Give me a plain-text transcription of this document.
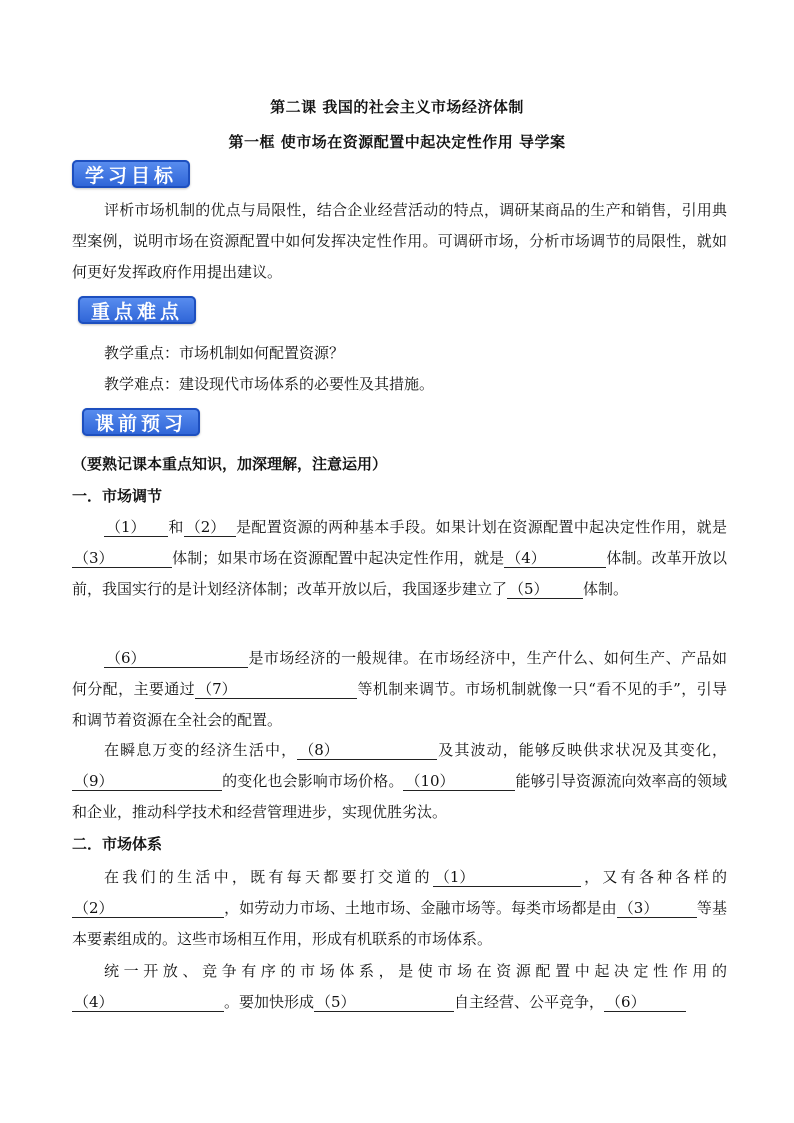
第二课 我国的社会主义市场经济体制
第一框 使市场在资源配置中起决定性作用 导学案
学习目标
评析市场机制的优点与局限性，结合企业经营活动的特点，调研某商品的生产和销售，引用典型案例，说明市场在资源配置中如何发挥决定性作用。可调研市场，分析市场调节的局限性，就如何更好发挥政府作用提出建议。
重点难点
教学重点：市场机制如何配置资源？
教学难点：建设现代市场体系的必要性及其措施。
课前预习
（要熟记课本重点知识，加深理解，注意运用）
一．市场调节
（1） 和 （2） 是配置资源的两种基本手段。如果计划在资源配置中起决定性作用，就是（3）	体制；如果市场在资源配置中起决定性作用，就是 （4）	体制。改革开放以前，我国实行的是计划经济体制；改革开放以后，我国逐步建立了 （5） 体制。
（6）	是市场经济的一般规律。在市场经济中，生产什么、如何生产、产品如何分配，主要通过 （7）	等机制来调节。市场机制就像一只“看不见的手”，引导和调节着资源在全社会的配置。
在瞬息万变的经济生活中， （8）	及其波动，能够反映供求状况及其变化，（9）	的变化也会影响市场价格。 （10）	能够引导资源流向效率高的领域和企业，推动科学技术和经营管理进步，实现优胜劣汰。
二．市场体系
在我们的生活中，既有每天都要打交道的 （1）	，又有各种各样的（2）	，如劳动力市场、土地市场、金融市场等。每类市场都是由 （3）	等基本要素组成的。这些市场相互作用，形成有机联系的市场体系。
统一开放、竞争有序的市场体系，是使市场在资源配置中起决定性作用的（4）	。要加快形成 （5）	自主经营、公平竞争， （6）
